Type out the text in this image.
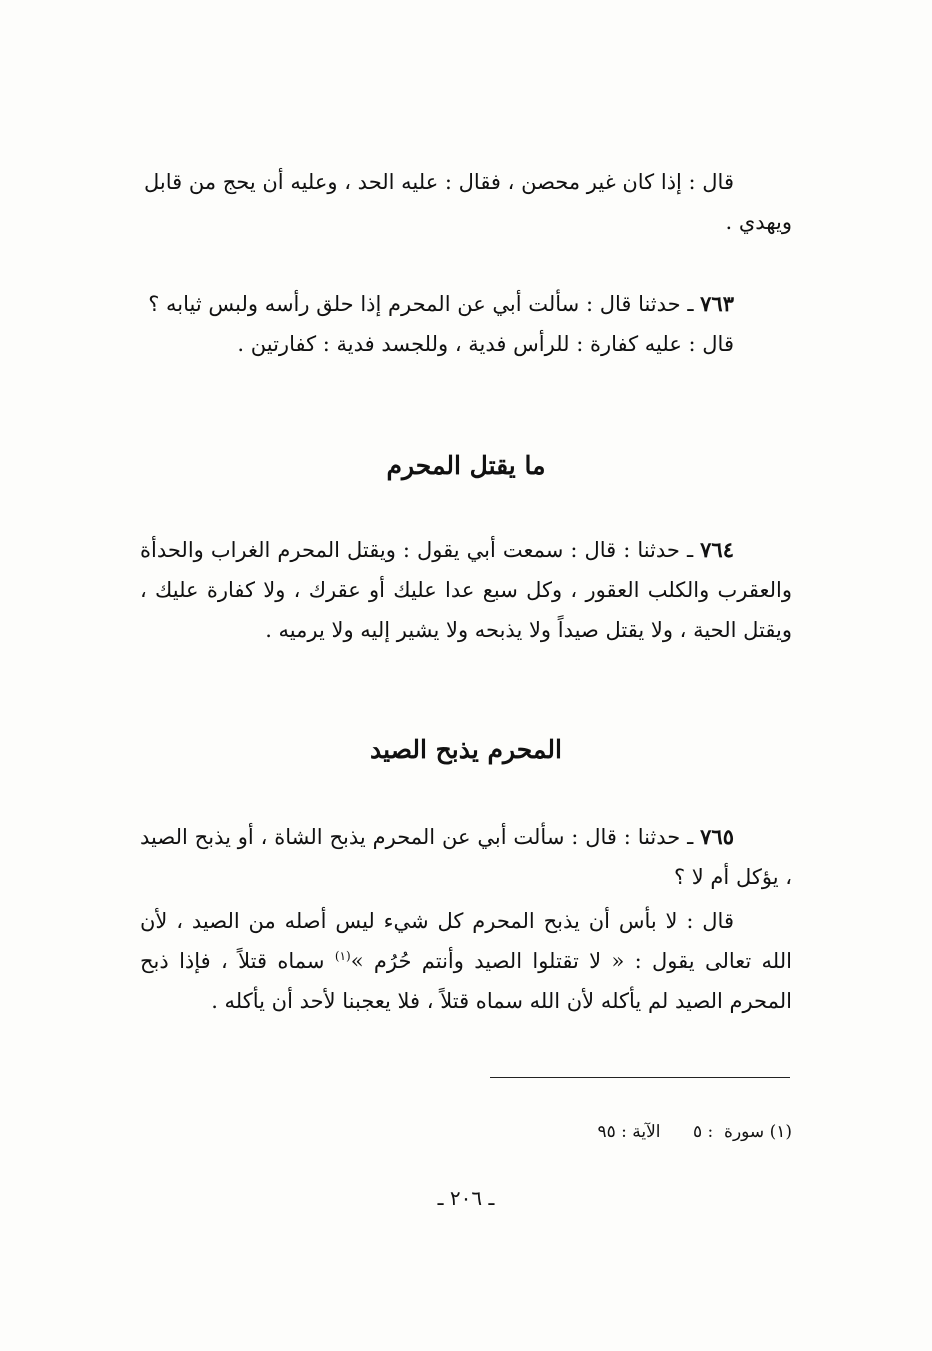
قال : إذا كان غير محصن ، فقال : عليه الحد ، وعليه أن يحج من قابل

ويهدي .

٧٦٣ ـ حدثنا قال : سألت أبي عن المحرم إذا حلق رأسه ولبس ثيابه ؟

قال : عليه كفارة : للرأس فدية ، وللجسد فدية : كفارتين .

ما يقتل المحرم

٧٦٤ ـ حدثنا : قال : سمعت أبي يقول : ويقتل المحرم الغراب والحدأة والعقرب والكلب العقور ، وكل سبع عدا عليك أو عقرك ، ولا كفارة عليك ، ويقتل الحية ، ولا يقتل صيداً ولا يذبحه ولا يشير إليه ولا يرميه .

المحرم يذبح الصيد

٧٦٥ ـ حدثنا : قال : سألت أبي عن المحرم يذبح الشاة ، أو يذبح الصيد ، يؤكل أم لا ؟

قال : لا بأس أن يذبح المحرم كل شيء ليس أصله من الصيد ، لأن الله تعالى يقول : « لا تقتلوا الصيد وأنتم حُرُم »$^{(١)}$ سماه قتلاً ، فإذا ذبح المحرم الصيد لم يأكله لأن الله سماه قتلاً ، فلا يعجبنا لأحد أن يأكله .

(١) سورة  : ٥      الآية : ٩٥
ـ ٢٠٦ ـ
